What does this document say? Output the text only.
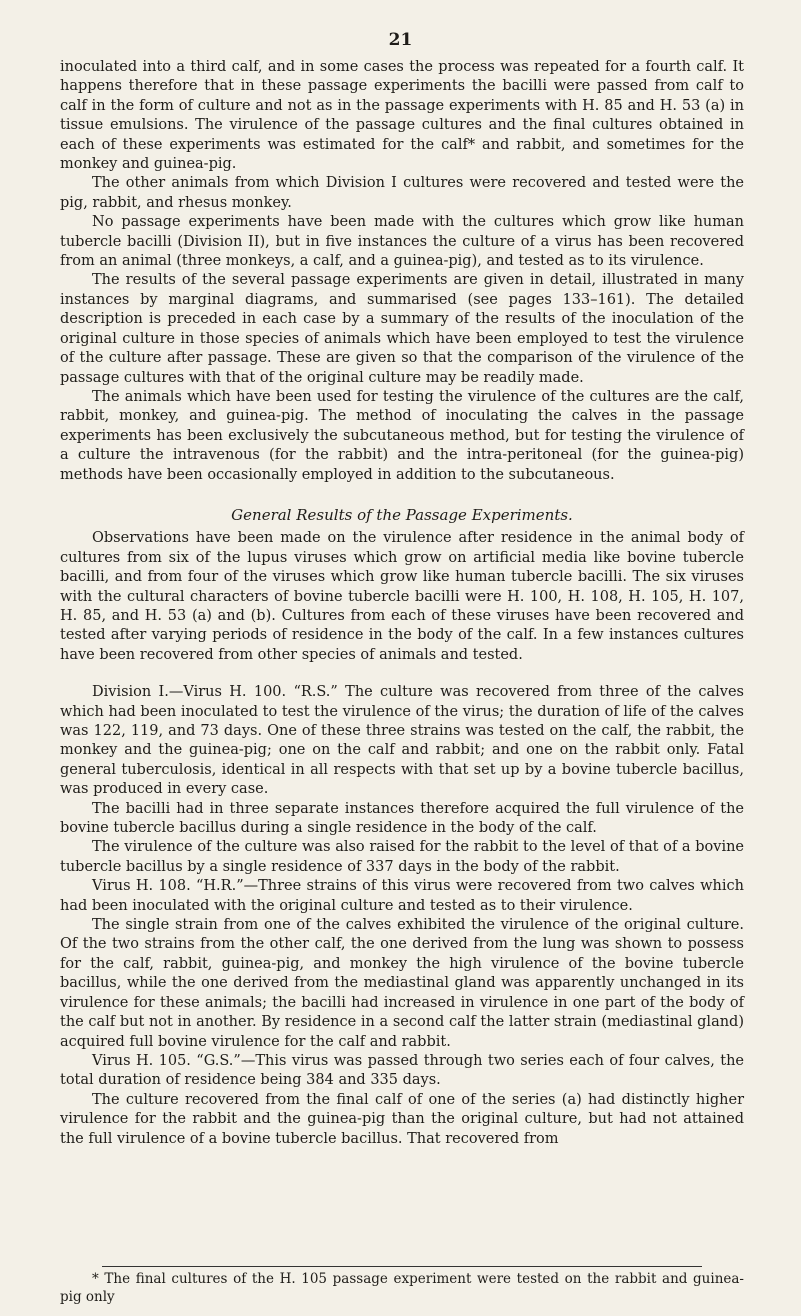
21

inoculated into a third calf, and in some cases the process was repeated for a fourth calf. It happens therefore that in these passage experiments the bacilli were passed from calf to calf in the form of culture and not as in the passage experiments with H. 85 and H. 53 (a) in tissue emulsions. The virulence of the passage cultures and the final cultures obtained in each of these experiments was estimated for the calf* and rabbit, and sometimes for the monkey and guinea-pig.

The other animals from which Division I cultures were recovered and tested were the pig, rabbit, and rhesus monkey.

No passage experiments have been made with the cultures which grow like human tubercle bacilli (Division II), but in five instances the culture of a virus has been recovered from an animal (three monkeys, a calf, and a guinea-pig), and tested as to its virulence.

The results of the several passage experiments are given in detail, illustrated in many instances by marginal diagrams, and summarised (see pages 133–161). The detailed description is preceded in each case by a summary of the results of the inoculation of the original culture in those species of animals which have been employed to test the virulence of the culture after passage. These are given so that the comparison of the virulence of the passage cultures with that of the original culture may be readily made.

The animals which have been used for testing the virulence of the cultures are the calf, rabbit, monkey, and guinea-pig. The method of inoculating the calves in the passage experiments has been exclusively the subcutaneous method, but for testing the virulence of a culture the intravenous (for the rabbit) and the intra-peritoneal (for the guinea-pig) methods have been occasionally employed in addition to the subcutaneous.

General Results of the Passage Experiments.

Observations have been made on the virulence after residence in the animal body of cultures from six of the lupus viruses which grow on artificial media like bovine tubercle bacilli, and from four of the viruses which grow like human tubercle bacilli. The six viruses with the cultural characters of bovine tubercle bacilli were H. 100, H. 108, H. 105, H. 107, H. 85, and H. 53 (a) and (b). Cultures from each of these viruses have been recovered and tested after varying periods of residence in the body of the calf. In a few instances cultures have been recovered from other species of animals and tested.

Division I.—Virus H. 100. “R.S.” The culture was recovered from three of the calves which had been inoculated to test the virulence of the virus; the duration of life of the calves was 122, 119, and 73 days. One of these three strains was tested on the calf, the rabbit, the monkey and the guinea-pig; one on the calf and rabbit; and one on the rabbit only. Fatal general tuberculosis, identical in all respects with that set up by a bovine tubercle bacillus, was produced in every case.

The bacilli had in three separate instances therefore acquired the full virulence of the bovine tubercle bacillus during a single residence in the body of the calf.

The virulence of the culture was also raised for the rabbit to the level of that of a bovine tubercle bacillus by a single residence of 337 days in the body of the rabbit.

Virus H. 108. “H.R.”—Three strains of this virus were recovered from two calves which had been inoculated with the original culture and tested as to their virulence.

The single strain from one of the calves exhibited the virulence of the original culture. Of the two strains from the other calf, the one derived from the lung was shown to possess for the calf, rabbit, guinea-pig, and monkey the high virulence of the bovine tubercle bacillus, while the one derived from the mediastinal gland was apparently unchanged in its virulence for these animals; the bacilli had increased in virulence in one part of the body of the calf but not in another. By residence in a second calf the latter strain (mediastinal gland) acquired full bovine virulence for the calf and rabbit.

Virus H. 105. “G.S.”—This virus was passed through two series each of four calves, the total duration of residence being 384 and 335 days.

The culture recovered from the final calf of one of the series (a) had distinctly higher virulence for the rabbit and the guinea-pig than the original culture, but had not attained the full virulence of a bovine tubercle bacillus. That recovered from

* The final cultures of the H. 105 passage experiment were tested on the rabbit and guinea-pig only
